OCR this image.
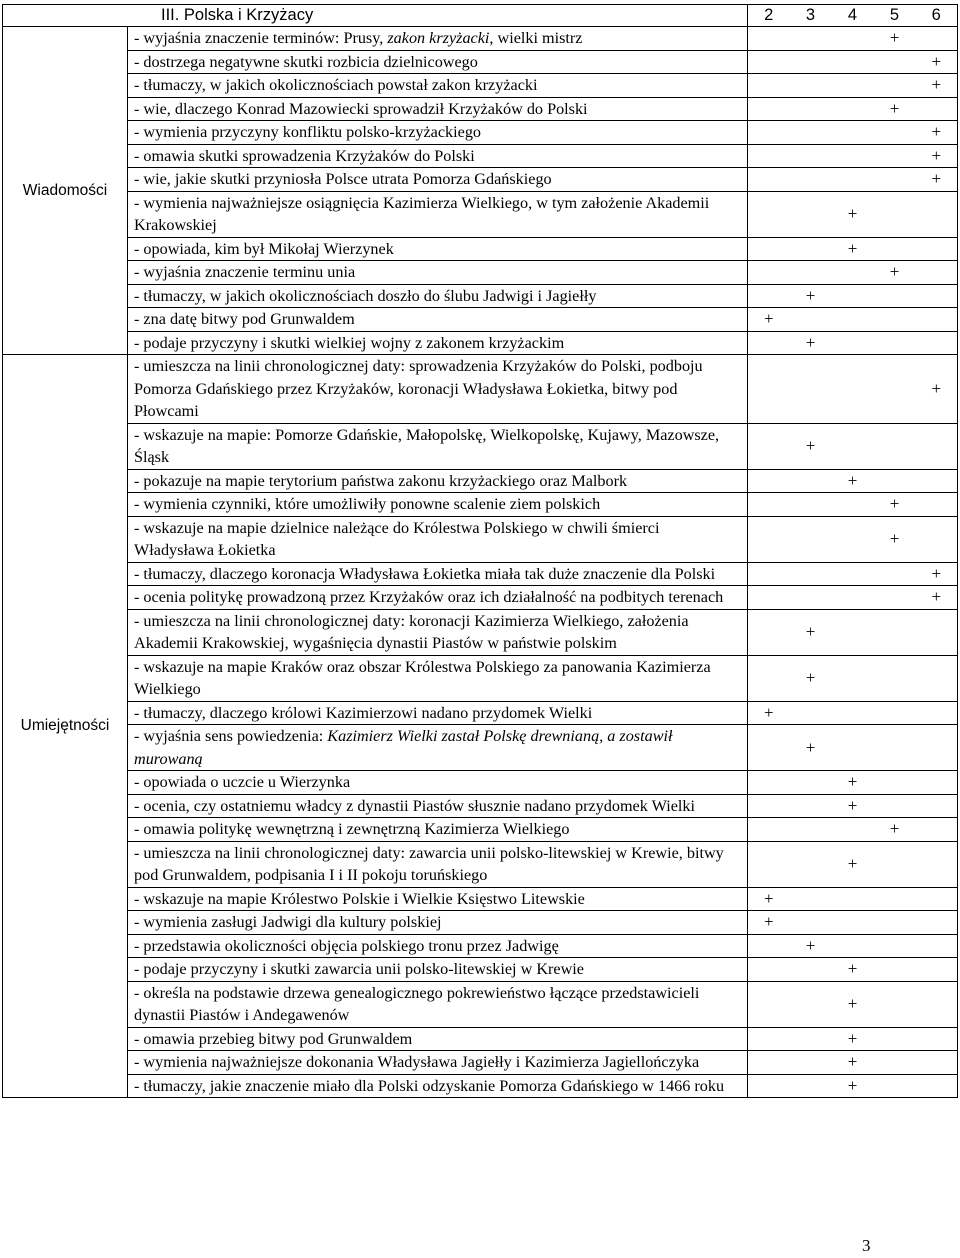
III. Polska i Krzyżacy		2	3	4	5	6
Wiadomości	- wyjaśnia znaczenie terminów: Prusy, zakon krzyżacki, wielki mistrz				+	
	- dostrzega negatywne skutki rozbicia dzielnicowego					+
	- tłumaczy, w jakich okolicznościach powstał zakon krzyżacki					+
	- wie, dlaczego Konrad Mazowiecki sprowadził Krzyżaków do Polski				+	
	- wymienia przyczyny konfliktu polsko-krzyżackiego					+
	- omawia skutki sprowadzenia Krzyżaków do Polski					+
	- wie, jakie skutki przyniosła Polsce utrata Pomorza Gdańskiego					+
	- wymienia najważniejsze osiągnięcia Kazimierza Wielkiego, w tym założenie Akademii Krakowskiej			+		
	- opowiada, kim był Mikołaj Wierzynek			+		
	- wyjaśnia znaczenie terminu unia				+	
	- tłumaczy, w jakich okolicznościach doszło do ślubu Jadwigi i Jagiełły		+			
	- zna datę bitwy pod Grunwaldem	+				
	- podaje przyczyny i skutki wielkiej wojny z zakonem krzyżackim		+			
Umiejętności	- umieszcza na linii chronologicznej daty: sprowadzenia Krzyżaków do Polski, podboju Pomorza Gdańskiego przez Krzyżaków, koronacji Władysława Łokietka, bitwy pod Płowcami					+
	- wskazuje na mapie: Pomorze Gdańskie, Małopolskę, Wielkopolskę, Kujawy, Mazowsze, Śląsk		+			
	- pokazuje na mapie terytorium państwa zakonu krzyżackiego oraz Malbork			+		
	- wymienia czynniki, które umożliwiły ponowne scalenie ziem polskich				+	
	- wskazuje na mapie dzielnice należące do Królestwa Polskiego w chwili śmierci Władysława Łokietka				+	
	- tłumaczy, dlaczego koronacja Władysława Łokietka miała tak duże znaczenie dla Polski					+
	- ocenia politykę prowadzoną przez Krzyżaków oraz ich działalność na podbitych terenach					+
	- umieszcza na linii chronologicznej daty: koronacji Kazimierza Wielkiego, założenia Akademii Krakowskiej, wygaśnięcia dynastii Piastów w państwie polskim		+			
	- wskazuje na mapie Kraków oraz obszar Królestwa Polskiego za panowania Kazimierza Wielkiego		+			
	- tłumaczy, dlaczego królowi Kazimierzowi nadano przydomek Wielki	+				
	- wyjaśnia sens powiedzenia: Kazimierz Wielki zastał Polskę drewnianą, a zostawił murowaną		+			
	- opowiada o uczcie u Wierzynka			+		
	- ocenia, czy ostatniemu władcy z dynastii Piastów słusznie nadano przydomek Wielki			+		
	- omawia politykę wewnętrzną i zewnętrzną Kazimierza Wielkiego				+	
	- umieszcza na linii chronologicznej daty: zawarcia unii polsko-litewskiej w Krewie, bitwy pod Grunwaldem, podpisania I i II pokoju toruńskiego			+		
	- wskazuje na mapie Królestwo Polskie i Wielkie Księstwo Litewskie	+				
	- wymienia zasługi Jadwigi dla kultury polskiej	+				
	- przedstawia okoliczności objęcia polskiego tronu przez Jadwigę		+			
	- podaje przyczyny i skutki zawarcia unii polsko-litewskiej w Krewie			+		
	- określa na podstawie drzewa genealogicznego pokrewieństwo łączące przedstawicieli dynastii Piastów i Andegawenów			+		
	- omawia przebieg bitwy pod Grunwaldem			+		
	- wymienia najważniejsze dokonania Władysława Jagiełły i Kazimierza Jagiellończyka			+		
	- tłumaczy, jakie znaczenie miało dla Polski odzyskanie Pomorza Gdańskiego w 1466 roku			+		
3
